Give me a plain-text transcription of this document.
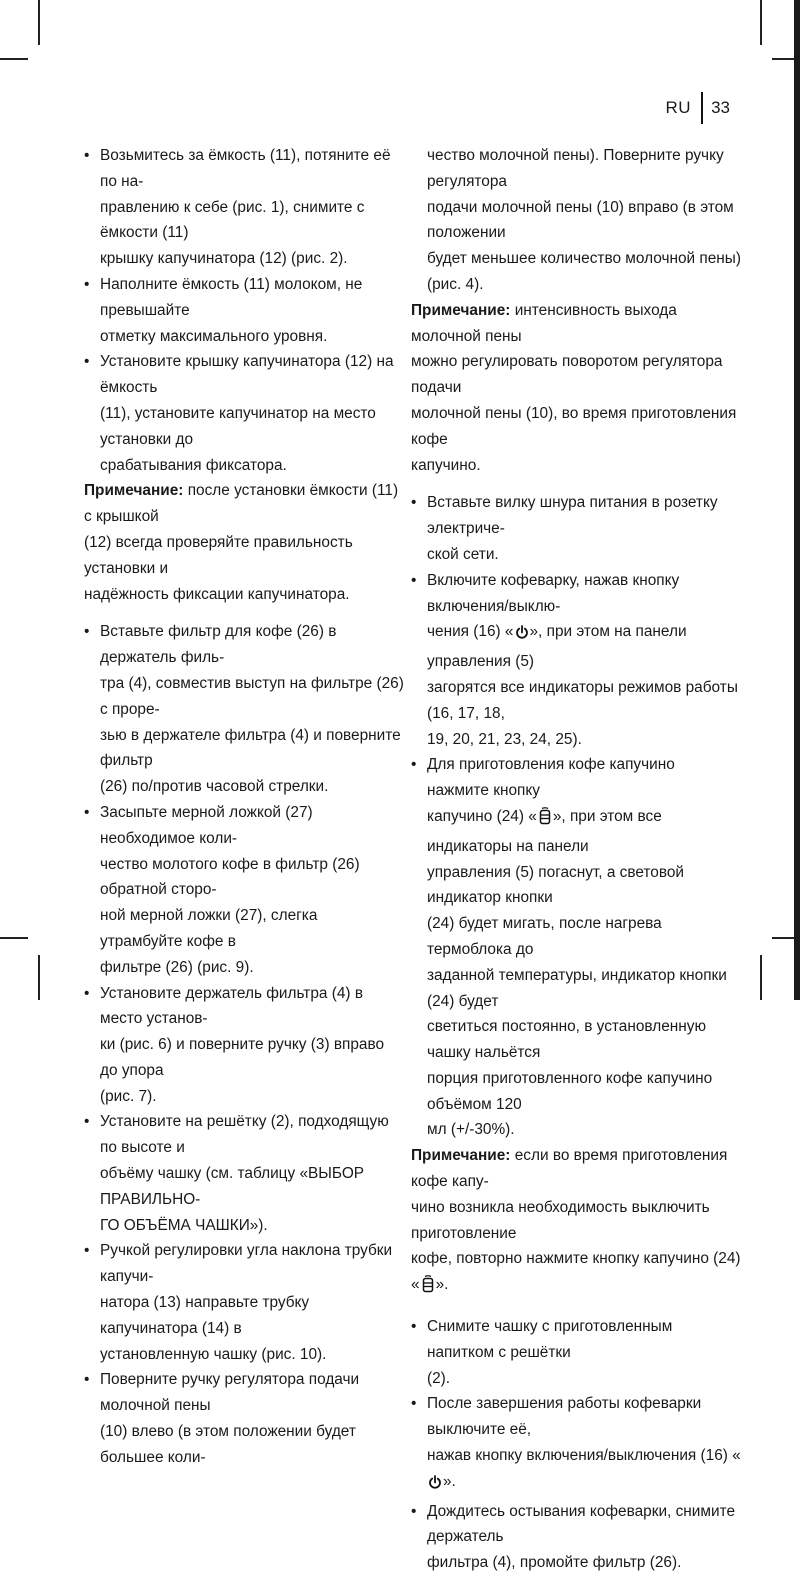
RU 33

• Возьмитесь за ёмкость (11), потяните её по на-

правлению к себе (рис. 1), снимите с ёмкости (11)

крышку капучинатора (12) (рис. 2).

• Наполните ёмкость (11) молоком, не превышайте

отметку максимального уровня.

• Установите крышку капучинатора (12) на ёмкость

(11), установите капучинатор на место установки до

срабатывания фиксатора.

Примечание: после установки ёмкости (11) с крышкой

(12) всегда проверяйте правильность установки и

надёжность фиксации капучинатора.

• Вставьте фильтр для кофе (26) в держатель филь-

тра (4), совместив выступ на фильтре (26) с проре-

зью в держателе фильтра (4) и поверните фильтр

(26) по/против часовой стрелки.

• Засыпьте мерной ложкой (27) необходимое коли-

чество молотого кофе в фильтр (26) обратной сторо-

ной мерной ложки (27), слегка утрамбуйте кофе в

фильтре (26) (рис. 9).

• Установите держатель фильтра (4) в место установ-

ки (рис. 6) и поверните ручку (3) вправо до упора

(рис. 7).

• Установите на решётку (2), подходящую по высоте и

объёму чашку (см. таблицу «ВЫБОР ПРАВИЛЬНО-

ГО ОБЪЁМА ЧАШКИ»).

• Ручкой регулировки угла наклона трубки капучи-

натора (13) направьте трубку капучинатора (14) в

установленную чашку (рис. 10).

• Поверните ручку регулятора подачи молочной пены

(10) влево (в этом положении будет большее коли-

чество молочной пены). Поверните ручку регулятора

подачи молочной пены (10) вправо (в этом положении

будет меньшее количество молочной пены) (рис. 4).

Примечание: интенсивность выхода молочной пены

можно регулировать поворотом регулятора подачи

молочной пены (10), во время приготовления кофе

капучино.

• Вставьте вилку шнура питания в розетку электриче-

ской сети.

• Включите кофеварку, нажав кнопку включения/выклю-

чения (16) « », при этом на панели управления (5)

загорятся все индикаторы режимов работы (16, 17, 18,

19, 20, 21, 23, 24, 25).

• Для приготовления кофе капучино нажмите кнопку

капучино (24) « », при этом все индикаторы на панели

управления (5) погаснут, а световой индикатор кнопки

(24) будет мигать, после нагрева термоблока до

заданной температуры, индикатор кнопки (24) будет

светиться постоянно, в установленную чашку нальётся

порция приготовленного кофе капучино объёмом 120

мл (+/-30%).

Примечание: если во время приготовления кофе капу-

чино возникла необходимость выключить приготовление

кофе, повторно нажмите кнопку капучино (24) « ».

• Снимите чашку с приготовленным напитком с решётки

(2).

• После завершения работы кофеварки выключите её,

нажав кнопку включения/выключения (16) «».

• Дождитесь остывания кофеварки, снимите держатель

фильтра (4), промойте фильтр (26).
